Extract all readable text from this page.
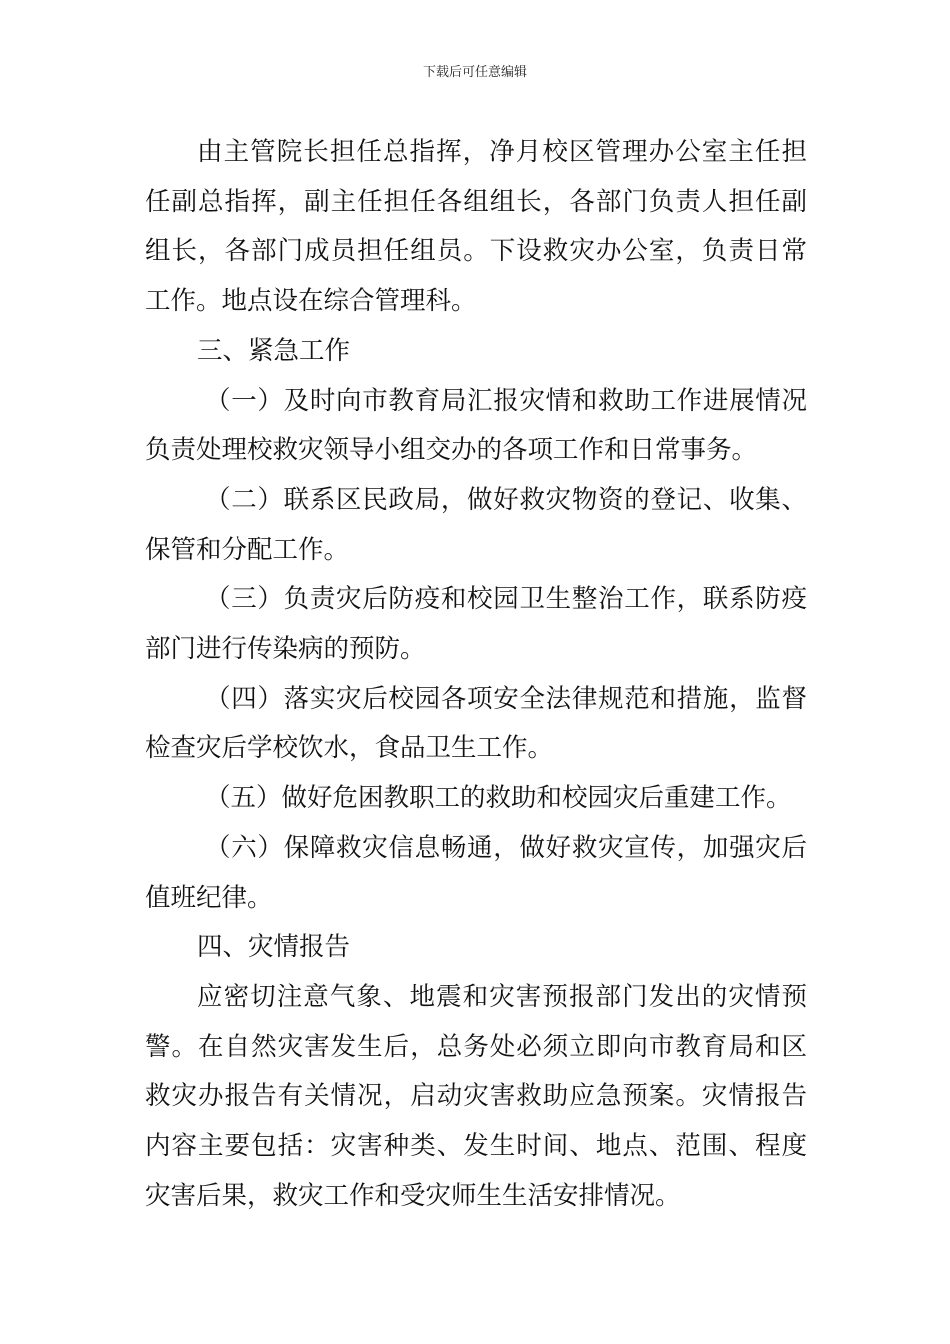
下载后可任意编辑

由主管院长担任总指挥，净月校区管理办公室主任担任副总指挥，副主任担任各组组长，各部门负责人担任副组长，各部门成员担任组员。下设救灾办公室，负责日常工作。地点设在综合管理科。

三、紧急工作

（一）及时向市教育局汇报灾情和救助工作进展情况负责处理校救灾领导小组交办的各项工作和日常事务。

（二）联系区民政局，做好救灾物资的登记、收集、保管和分配工作。

（三）负责灾后防疫和校园卫生整治工作，联系防疫部门进行传染病的预防。

（四）落实灾后校园各项安全法律规范和措施，监督检查灾后学校饮水，食品卫生工作。

（五）做好危困教职工的救助和校园灾后重建工作。

（六）保障救灾信息畅通，做好救灾宣传，加强灾后值班纪律。

四、灾情报告

应密切注意气象、地震和灾害预报部门发出的灾情预警。在自然灾害发生后，总务处必须立即向市教育局和区救灾办报告有关情况，启动灾害救助应急预案。灾情报告内容主要包括：灾害种类、发生时间、地点、范围、程度灾害后果，救灾工作和受灾师生生活安排情况。
